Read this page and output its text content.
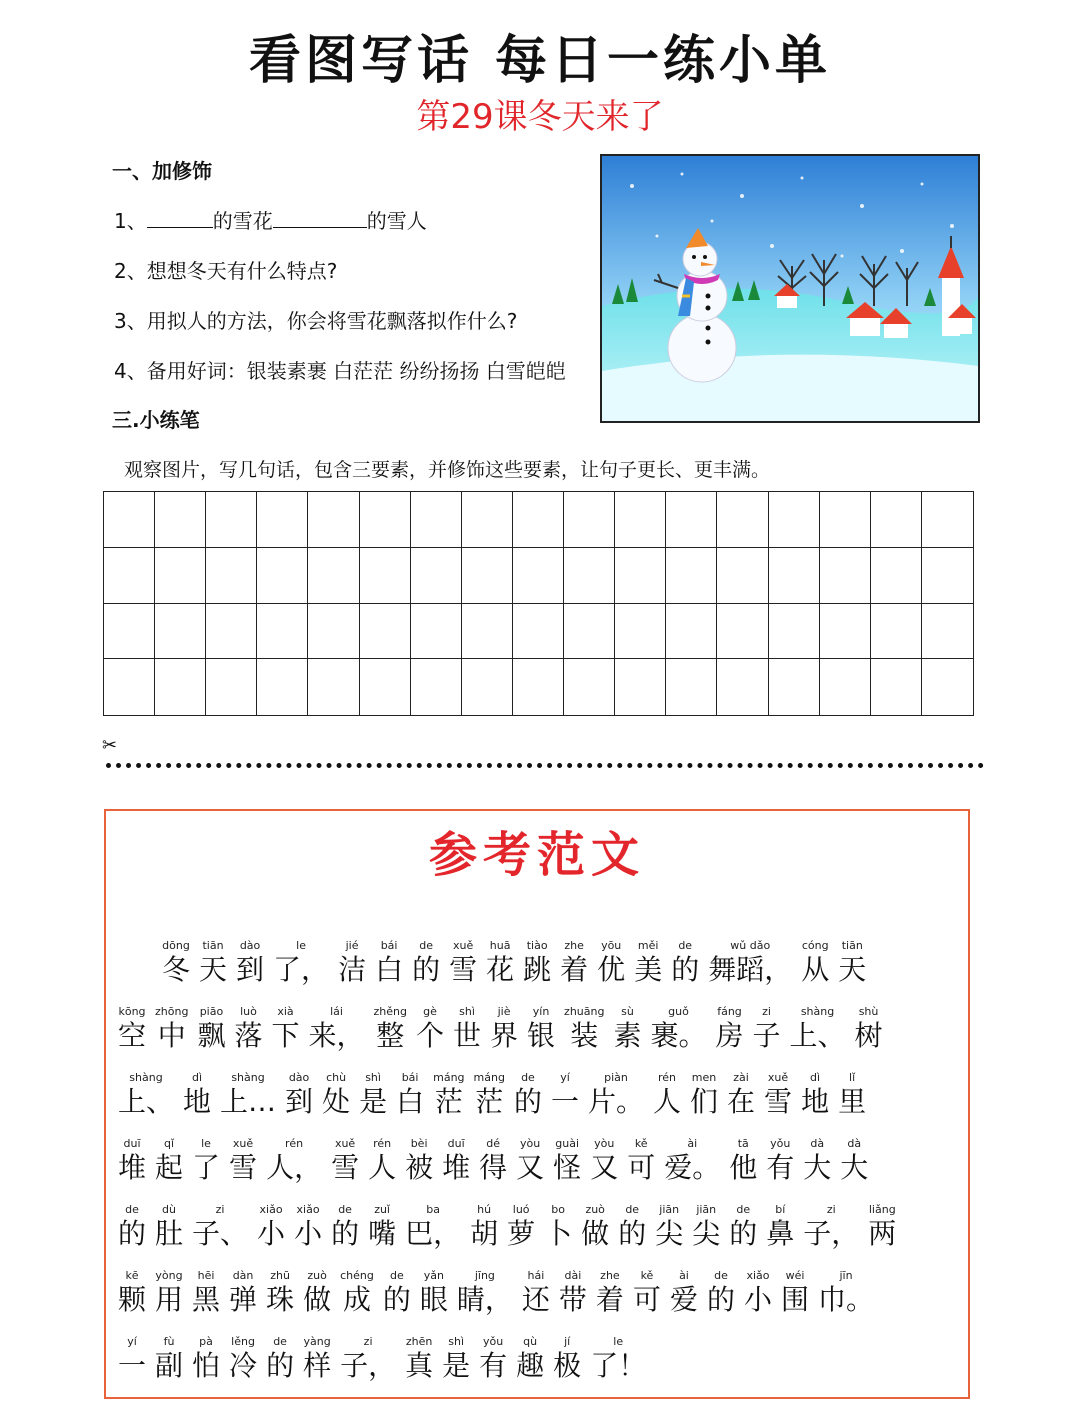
看图写话 每日一练小单
第29课冬天来了
一、加修饰
1、	的雪花	的雪人
2、想想冬天有什么特点?
3、用拟人的方法，你会将雪花飘落拟作什么?
4、备用好词：银装素裹 白茫茫 纷纷扬扬 白雪皑皑
三.小练笔
观察图片，写几句话，包含三要素，并修饰这些要素，让句子更长、更丰满。
✂
参考范文
dōng
冬
tiān
天
dào
到
le
了，
jié
洁
bái
白
de
的
xuě
雪
huā
花
tiào
跳
zhe
着
yōu
优
měi
美
de
的
wǔ dǎo
舞蹈，
cóng
从
tiān
天
kōng
空
zhōng
中
piāo
飘
luò
落
xià
下
lái
来，
zhěng
整
gè
个
shì
世
jiè
界
yín
银
zhuāng
装
sù
素
guǒ
裹。
fáng
房
zi
子
shàng
上、
shù
树
shàng
上、
dì
地
shàng
上…
dào
到
chù
处
shì
是
bái
白
máng
茫
máng
茫
de
的
yí
一
piàn
片。
rén
人
men
们
zài
在
xuě
雪
dì
地
lǐ
里
duī
堆
qǐ
起
le
了
xuě
雪
rén
人，
xuě
雪
rén
人
bèi
被
duī
堆
dé
得
yòu
又
guài
怪
yòu
又
kě
可
ài
爱。
tā
他
yǒu
有
dà
大
dà
大
de
的
dù
肚
zi
子、
xiǎo
小
xiǎo
小
de
的
zuǐ
嘴
ba
巴，
hú
胡
luó
萝
bo
卜
zuò
做
de
的
jiān
尖
jiān
尖
de
的
bí
鼻
zi
子，
liǎng
两
kē
颗
yòng
用
hēi
黑
dàn
弹
zhū
珠
zuò
做
chéng
成
de
的
yǎn
眼
jīng
睛，
hái
还
dài
带
zhe
着
kě
可
ài
爱
de
的
xiǎo
小
wéi
围
jīn
巾。
yí
一
fù
副
pà
怕
lěng
冷
de
的
yàng
样
zi
子，
zhēn
真
shì
是
yǒu
有
qù
趣
jí
极
le
了！
